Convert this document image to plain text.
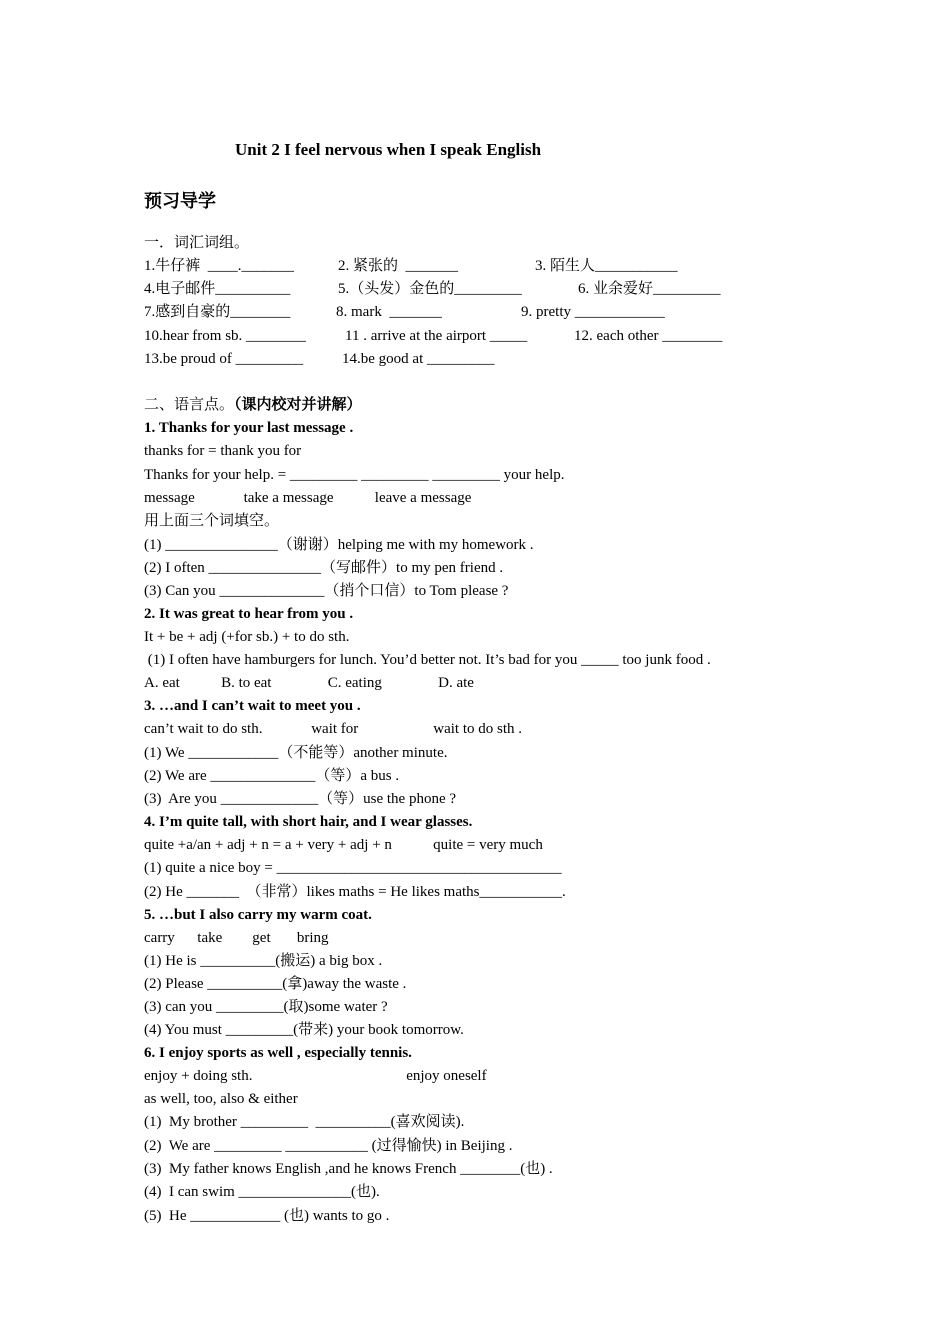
Unit 2 I feel nervous when I speak English
预习导学
一．词汇词组。
1.牛仔裤  ____._______	2. 紧张的  _______	3. 陌生人___________
4.电子邮件__________	5.（头发）金色的_________	6. 业余爱好_________
7.感到自豪的________	8. mark  _______	9. pretty ____________
10.hear from sb. ________	11 . arrive at the airport _____	12. each other ________
13.be proud of _________	14.be good at _________
二、语言点。（课内校对并讲解）
1. Thanks for your last message .
thanks for = thank you for
Thanks for your help. = _________ _________ _________ your help.
message             take a message           leave a message
用上面三个词填空。
(1) _______________（谢谢）helping me with my homework .
(2) I often _______________（写邮件）to my pen friend .
(3) Can you ______________（捎个口信）to Tom please ?
2. It was great to hear from you .
It + be + adj (+for sb.) + to do sth.
(1) I often have hamburgers for lunch. You’d better not. It’s bad for you _____ too junk food .
A. eat           B. to eat               C. eating               D. ate
3. …and I can’t wait to meet you .
can’t wait to do sth.             wait for                    wait to do sth .
(1) We ____________（不能等）another minute.
(2) We are ______________（等）a bus .
(3)  Are you _____________（等）use the phone ?
4. I’m quite tall, with short hair, and I wear glasses.
quite +a/an + adj + n = a + very + adj + n           quite = very much
(1) quite a nice boy = ______________________________________
(2) He _______  （非常）likes maths = He likes maths___________.
5. …but I also carry my warm coat.
carry      take        get       bring
(1) He is __________(搬运) a big box .
(2) Please __________(拿)away the waste .
(3) can you _________(取)some water ?
(4) You must _________(带来) your book tomorrow.
6. I enjoy sports as well , especially tennis.
enjoy + doing sth.                                         enjoy oneself
as well, too, also & either
(1)  My brother _________  __________(喜欢阅读).
(2)  We are _________ ___________ (过得愉快) in Beijing .
(3)  My father knows English ,and he knows French ________(也) .
(4)  I can swim _______________(也).
(5)  He ____________ (也) wants to go .
